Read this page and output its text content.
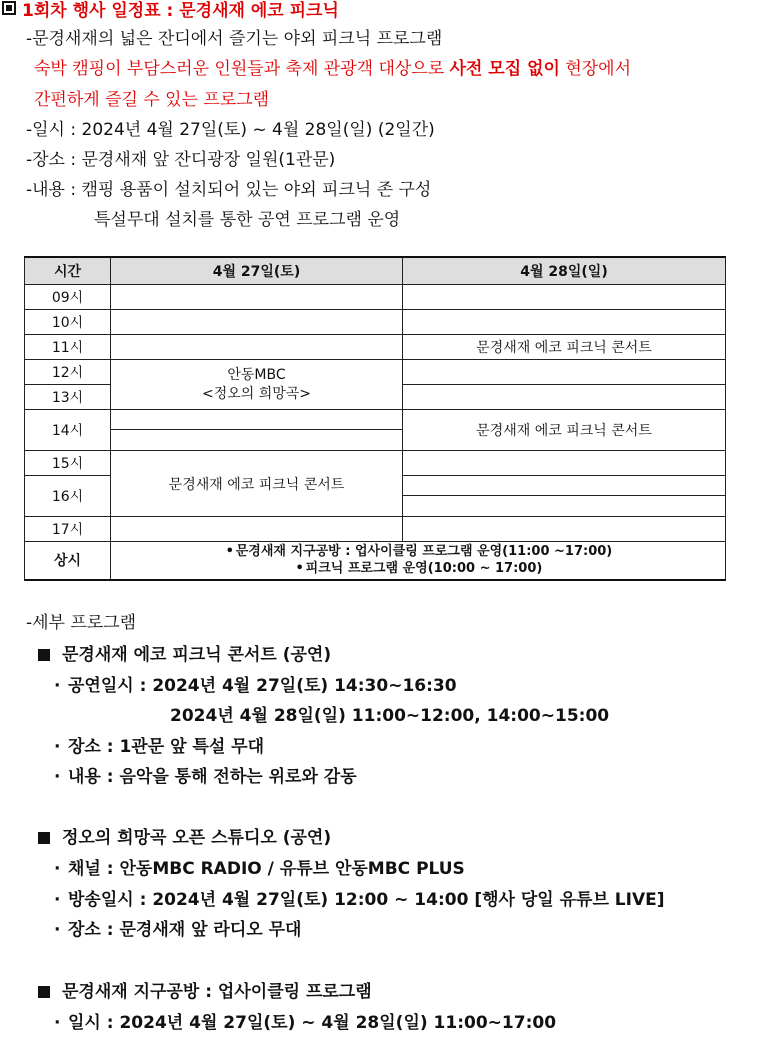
1회차 행사 일정표 : 문경새재 에코 피크닉
-문경새재의 넓은 잔디에서 즐기는 야외 피크닉 프로그램
숙박 캠핑이 부담스러운 인원들과 축제 관광객 대상으로 사전 모집 없이 현장에서
간편하게 즐길 수 있는 프로그램
-일시 : 2024년 4월 27일(토) ~ 4월 28일(일) (2일간)
-장소 : 문경새재 앞 잔디광장 일원(1관문)
-내용 : 캠핑 용품이 설치되어 있는 야외 피크닉 존 구성
특설무대 설치를 통한 공연 프로그램 운영
시간	4월 27일(토)	4월 28일(일)
09시		
10시		
11시		문경새재 에코 피크닉 콘서트
12시	안동MBC
<정오의 희망곡>	

13시		
14시		문경새재 에코 피크닉 콘서트
15시	문경새재 에코 피크닉 콘서트	
16시		

17시		
상시	• 문경새재 지구공방 : 업사이클링 프로그램 운영(11:00 ~17:00)
• 피크닉 프로그램 운영(10:00 ~ 17:00)	
-세부 프로그램
문경새재 에코 피크닉 콘서트 (공연)
· 공연일시 : 2024년 4월 27일(토) 14:30~16:30
2024년 4월 28일(일) 11:00~12:00, 14:00~15:00
· 장소 : 1관문 앞 특설 무대
· 내용 : 음악을 통해 전하는 위로와 감동
정오의 희망곡 오픈 스튜디오 (공연)
· 채널 : 안동MBC RADIO / 유튜브 안동MBC PLUS
· 방송일시 : 2024년 4월 27일(토) 12:00 ~ 14:00 [행사 당일 유튜브 LIVE]
· 장소 : 문경새재 앞 라디오 무대
문경새재 지구공방 : 업사이클링 프로그램
· 일시 : 2024년 4월 27일(토) ~ 4월 28일(일) 11:00~17:00
